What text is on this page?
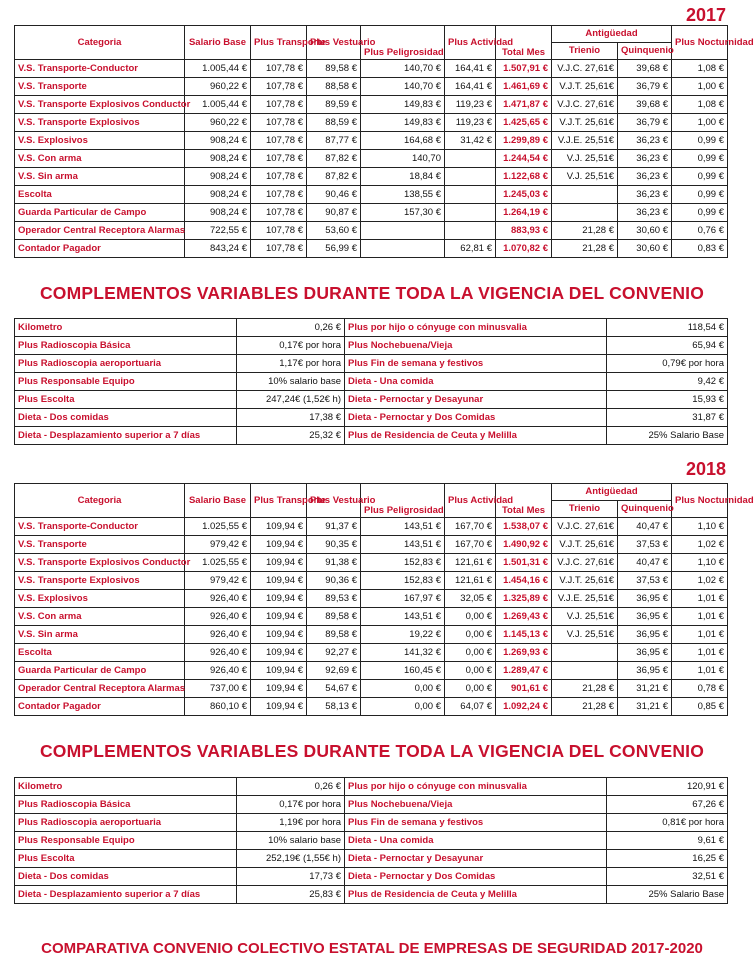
2017
Categoria	Salario Base	Plus Transporte	Plus Vestuario	Plus Peligrosidad	Plus Actividad	Total Mes	Antigüedad		Plus Nocturnidad
							Trienio	Quinquenio	
V.S. Transporte-Conductor	1.005,44 €	107,78 €	89,58 €	140,70 €	164,41 €	1.507,91 €	V.J.C. 27,61€	39,68 €	1,08 €
V.S. Transporte	960,22 €	107,78 €	88,58 €	140,70 €	164,41 €	1.461,69 €	V.J.T. 25,61€	36,79 €	1,00 €
V.S. Transporte Explosivos Conductor	1.005,44 €	107,78 €	89,59 €	149,83 €	119,23 €	1.471,87 €	V.J.C. 27,61€	39,68 €	1,08 €
V.S. Transporte Explosivos	960,22 €	107,78 €	88,59 €	149,83 €	119,23 €	1.425,65 €	V.J.T. 25,61€	36,79 €	1,00 €
V.S. Explosivos	908,24 €	107,78 €	87,77 €	164,68 €	31,42 €	1.299,89 €	V.J.E. 25,51€	36,23 €	0,99 €
V.S. Con arma	908,24 €	107,78 €	87,82 €	140,70		1.244,54 €	V.J. 25,51€	36,23 €	0,99 €
V.S. Sin arma	908,24 €	107,78 €	87,82 €	18,84 €		1.122,68 €	V.J. 25,51€	36,23 €	0,99 €
Escolta	908,24 €	107,78 €	90,46 €	138,55 €		1.245,03 €		36,23 €	0,99 €
Guarda Particular de Campo	908,24 €	107,78 €	90,87 €	157,30 €		1.264,19 €		36,23 €	0,99 €
Operador Central Receptora Alarmas	722,55 €	107,78 €	53,60 €			883,93 €	21,28 €	30,60 €	0,76 €
Contador Pagador	843,24 €	107,78 €	56,99 €		62,81 €	1.070,82 €	21,28 €	30,60 €	0,83 €
COMPLEMENTOS VARIABLES DURANTE TODA LA VIGENCIA DEL CONVENIO
Kilometro	0,26 €	Plus por hijo o cónyuge con minusvalia	118,54 €
Plus Radioscopia Básica	0,17€ por hora	Plus Nochebuena/Vieja	65,94 €
Plus Radioscopia aeroportuaria	1,17€ por hora	Plus Fin de semana y festivos	0,79€ por hora
Plus Responsable Equipo	10% salario base	Dieta - Una comida	9,42 €
Plus Escolta	247,24€ (1,52€ h)	Dieta - Pernoctar y Desayunar	15,93 €
Dieta - Dos comidas	17,38 €	Dieta - Pernoctar y Dos Comidas	31,87 €
Dieta - Desplazamiento superior a 7 días	25,32 €	Plus de Residencia de Ceuta y Melilla	25% Salario Base
2018
Categoria	Salario Base	Plus Transporte	Plus Vestuario	Plus Peligrosidad	Plus Actividad	Total Mes	Antigüedad		Plus Nocturnidad
							Trienio	Quinquenio	
V.S. Transporte-Conductor	1.025,55 €	109,94 €	91,37 €	143,51 €	167,70 €	1.538,07 €	V.J.C. 27,61€	40,47 €	1,10 €
V.S. Transporte	979,42 €	109,94 €	90,35 €	143,51 €	167,70 €	1.490,92 €	V.J.T. 25,61€	37,53 €	1,02 €
V.S. Transporte Explosivos Conductor	1.025,55 €	109,94 €	91,38 €	152,83 €	121,61 €	1.501,31 €	V.J.C. 27,61€	40,47 €	1,10 €
V.S. Transporte Explosivos	979,42 €	109,94 €	90,36 €	152,83 €	121,61 €	1.454,16 €	V.J.T. 25,61€	37,53 €	1,02 €
V.S. Explosivos	926,40 €	109,94 €	89,53 €	167,97 €	32,05 €	1.325,89 €	V.J.E. 25,51€	36,95 €	1,01 €
V.S. Con arma	926,40 €	109,94 €	89,58 €	143,51 €	0,00 €	1.269,43 €	V.J. 25,51€	36,95 €	1,01 €
V.S. Sin arma	926,40 €	109,94 €	89,58 €	19,22 €	0,00 €	1.145,13 €	V.J. 25,51€	36,95 €	1,01 €
Escolta	926,40 €	109,94 €	92,27 €	141,32 €	0,00 €	1.269,93 €		36,95 €	1,01 €
Guarda Particular de Campo	926,40 €	109,94 €	92,69 €	160,45 €	0,00 €	1.289,47 €		36,95 €	1,01 €
Operador Central Receptora Alarmas	737,00 €	109,94 €	54,67 €	0,00 €	0,00 €	901,61 €	21,28 €	31,21 €	0,78 €
Contador Pagador	860,10 €	109,94 €	58,13 €	0,00 €	64,07 €	1.092,24 €	21,28 €	31,21 €	0,85 €
COMPLEMENTOS VARIABLES DURANTE TODA LA VIGENCIA DEL CONVENIO
Kilometro	0,26 €	Plus por hijo o cónyuge con minusvalia	120,91 €
Plus Radioscopia Básica	0,17€ por hora	Plus Nochebuena/Vieja	67,26 €
Plus Radioscopia aeroportuaria	1,19€ por hora	Plus Fin de semana y festivos	0,81€ por hora
Plus Responsable Equipo	10% salario base	Dieta - Una comida	9,61 €
Plus Escolta	252,19€ (1,55€ h)	Dieta - Pernoctar y Desayunar	16,25 €
Dieta - Dos comidas	17,73 €	Dieta - Pernoctar y Dos Comidas	32,51 €
Dieta - Desplazamiento superior a 7 días	25,83 €	Plus de Residencia de Ceuta y Melilla	25% Salario Base
COMPARATIVA CONVENIO COLECTIVO ESTATAL DE EMPRESAS DE SEGURIDAD 2017-2020
